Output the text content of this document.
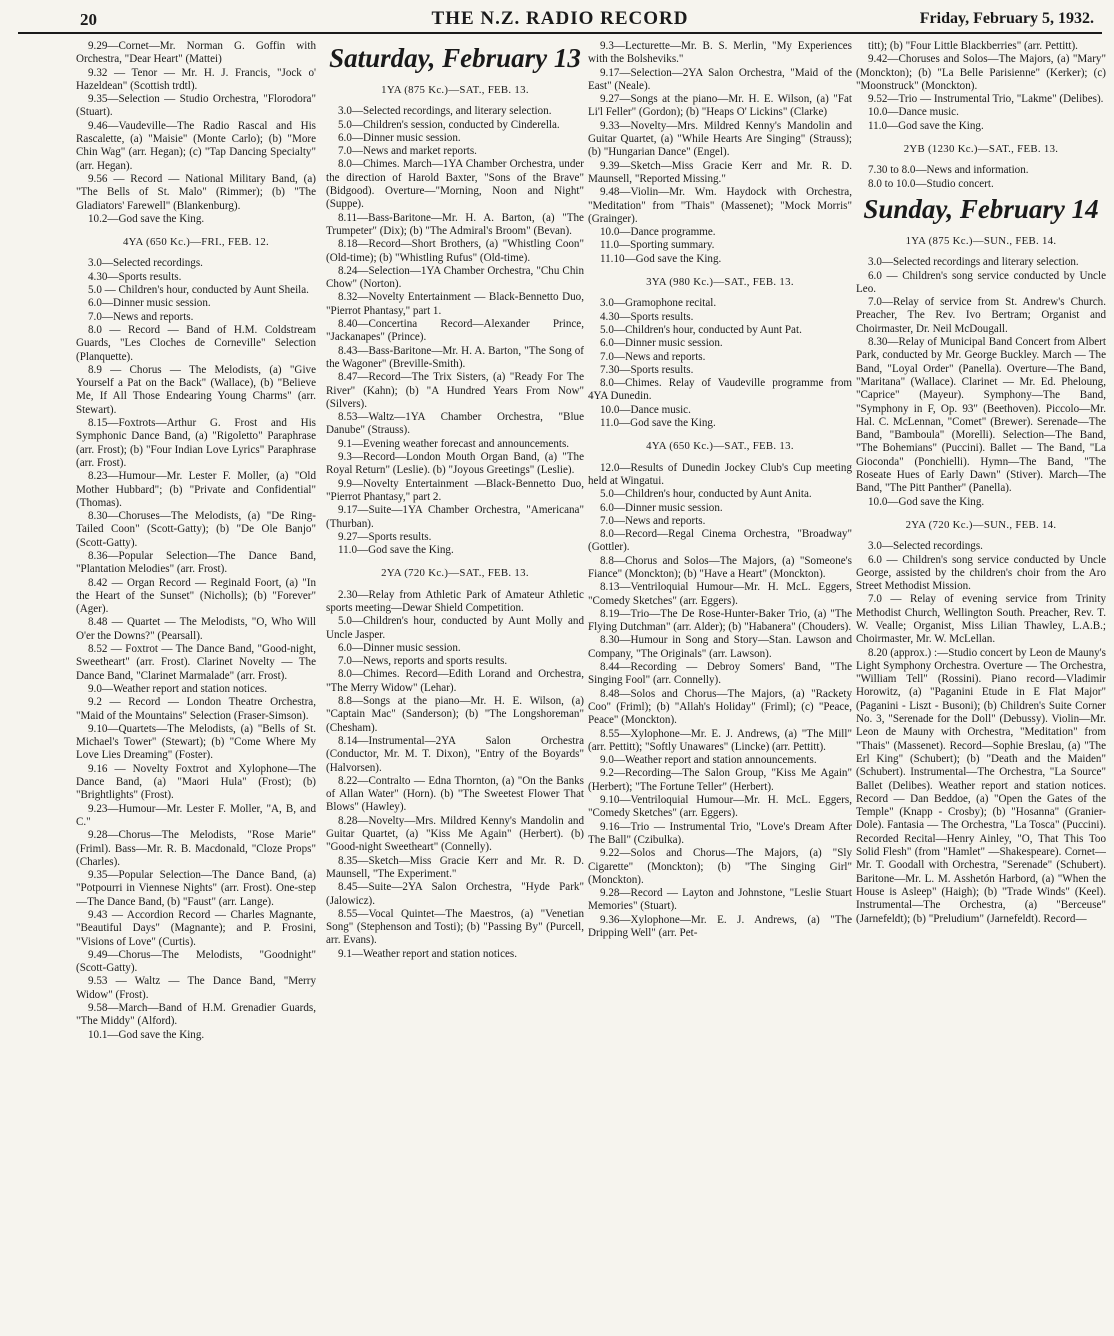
20	THE N.Z. RADIO RECORD	Friday, February 5, 1932.

9.29—Cornet—Mr. Norman G. Goffin with Orchestra, "Dear Heart" (Mattei)

9.32 — Tenor — Mr. H. J. Francis, "Jock o' Hazeldean" (Scottish trdtl).

9.35—Selection — Studio Orchestra, "Florodora" (Stuart).

9.46—Vaudeville—The Radio Rascal and His Rascalette, (a) "Maisie" (Monte Carlo); (b) "More Chin Wag" (arr. Hegan); (c) "Tap Dancing Specialty" (arr. Hegan).

9.56 — Record — National Military Band, (a) "The Bells of St. Malo" (Rimmer); (b) "The Gladiators' Farewell" (Blankenburg).

10.2—God save the King.

4YA (650 Kc.)—FRI., FEB. 12.

3.0—Selected recordings.

4.30—Sports results.

5.0 — Children's hour, conducted by Aunt Sheila.

6.0—Dinner music session.

7.0—News and reports.

8.0 — Record — Band of H.M. Coldstream Guards, "Les Cloches de Corneville" Selection (Planquette).

8.9 — Chorus — The Melodists, (a) "Give Yourself a Pat on the Back" (Wallace), (b) "Believe Me, If All Those Endearing Young Charms" (arr. Stewart).

8.15—Foxtrots—Arthur G. Frost and His Symphonic Dance Band, (a) "Rigoletto" Paraphrase (arr. Frost); (b) "Four Indian Love Lyrics" Paraphrase (arr. Frost).

8.23—Humour—Mr. Lester F. Moller, (a) "Old Mother Hubbard"; (b) "Private and Confidential" (Thomas).

8.30—Choruses—The Melodists, (a) "De Ring-Tailed Coon" (Scott-Gatty); (b) "De Ole Banjo" (Scott-Gatty).

8.36—Popular Selection—The Dance Band, "Plantation Melodies" (arr. Frost).

8.42 — Organ Record — Reginald Foort, (a) "In the Heart of the Sunset" (Nicholls); (b) "Forever" (Ager).

8.48 — Quartet — The Melodists, "O, Who Will O'er the Downs?" (Pearsall).

8.52 — Foxtrot — The Dance Band, "Good-night, Sweetheart" (arr. Frost). Clarinet Novelty — The Dance Band, "Clarinet Marmalade" (arr. Frost).

9.0—Weather report and station notices.

9.2 — Record — London Theatre Orchestra, "Maid of the Mountains" Selection (Fraser-Simson).

9.10—Quartets—The Melodists, (a) "Bells of St. Michael's Tower" (Stewart); (b) "Come Where My Love Lies Dreaming" (Foster).

9.16 — Novelty Foxtrot and Xylophone—The Dance Band, (a) "Maori Hula" (Frost); (b) "Brightlights" (Frost).

9.23—Humour—Mr. Lester F. Moller, "A, B, and C."

9.28—Chorus—The Melodists, "Rose Marie" (Friml). Bass—Mr. R. B. Macdonald, "Cloze Props" (Charles).

9.35—Popular Selection—The Dance Band, (a) "Potpourri in Viennese Nights" (arr. Frost). One-step—The Dance Band, (b) "Faust" (arr. Lange).

9.43 — Accordion Record — Charles Magnante, "Beautiful Days" (Magnante); and P. Frosini, "Visions of Love" (Curtis).

9.49—Chorus—The Melodists, "Goodnight" (Scott-Gatty).

9.53 — Waltz — The Dance Band, "Merry Widow" (Frost).

9.58—March—Band of H.M. Grenadier Guards, "The Middy" (Alford).

10.1—God save the King.

Saturday, February 13
1YA (875 Kc.)—SAT., FEB. 13.

3.0—Selected recordings, and literary selection.

5.0—Children's session, conducted by Cinderella.

6.0—Dinner music session.

7.0—News and market reports.

8.0—Chimes. March—1YA Chamber Orchestra, under the direction of Harold Baxter, "Sons of the Brave" (Bidgood). Overture—"Morning, Noon and Night" (Suppe).

8.11—Bass-Baritone—Mr. H. A. Barton, (a) "The Trumpeter" (Dix); (b) "The Admiral's Broom" (Bevan).

8.18—Record—Short Brothers, (a) "Whistling Coon" (Old-time); (b) "Whistling Rufus" (Old-time).

8.24—Selection—1YA Chamber Orchestra, "Chu Chin Chow" (Norton).

8.32—Novelty Entertainment — Black-Bennetto Duo, "Pierrot Phantasy," part 1.

8.40—Concertina Record—Alexander Prince, "Jackanapes" (Prince).

8.43—Bass-Baritone—Mr. H. A. Barton, "The Song of the Wagoner" (Breville-Smith).

8.47—Record—The Trix Sisters, (a) "Ready For The River" (Kahn); (b) "A Hundred Years From Now" (Silvers).

8.53—Waltz—1YA Chamber Orchestra, "Blue Danube" (Strauss).

9.1—Evening weather forecast and announcements.

9.3—Record—London Mouth Organ Band, (a) "The Royal Return" (Leslie). (b) "Joyous Greetings" (Leslie).

9.9—Novelty Entertainment —Black-Bennetto Duo, "Pierrot Phantasy," part 2.

9.17—Suite—1YA Chamber Orchestra, "Americana" (Thurban).

9.27—Sports results.

11.0—God save the King.

2YA (720 Kc.)—SAT., FEB. 13.

2.30—Relay from Athletic Park of Amateur Athletic sports meeting—Dewar Shield Competition.

5.0—Children's hour, conducted by Aunt Molly and Uncle Jasper.

6.0—Dinner music session.

7.0—News, reports and sports results.

8.0—Chimes. Record—Edith Lorand and Orchestra, "The Merry Widow" (Lehar).

8.8—Songs at the piano—Mr. H. E. Wilson, (a) "Captain Mac" (Sanderson); (b) "The Longshoreman" (Chesham).

8.14—Instrumental—2YA Salon Orchestra (Conductor, Mr. M. T. Dixon), "Entry of the Boyards" (Halvorsen).

8.22—Contralto — Edna Thornton, (a) "On the Banks of Allan Water" (Horn). (b) "The Sweetest Flower That Blows" (Hawley).

8.28—Novelty—Mrs. Mildred Kenny's Mandolin and Guitar Quartet, (a) "Kiss Me Again" (Herbert). (b) "Good-night Sweetheart" (Connelly).

8.35—Sketch—Miss Gracie Kerr and Mr. R. D. Maunsell, "The Experiment."

8.45—Suite—2YA Salon Orchestra, "Hyde Park" (Jalowicz).

8.55—Vocal Quintet—The Maestros, (a) "Venetian Song" (Stephenson and Tosti); (b) "Passing By" (Purcell, arr. Evans).

9.1—Weather report and station notices.

9.3—Lecturette—Mr. B. S. Merlin, "My Experiences with the Bolsheviks."

9.17—Selection—2YA Salon Orchestra, "Maid of the East" (Neale).

9.27—Songs at the piano—Mr. H. E. Wilson, (a) "Fat Li'l Feller" (Gordon); (b) "Heaps O' Lickins" (Clarke)

9.33—Novelty—Mrs. Mildred Kenny's Mandolin and Guitar Quartet, (a) "While Hearts Are Singing" (Strauss); (b) "Hungarian Dance" (Engel).

9.39—Sketch—Miss Gracie Kerr and Mr. R. D. Maunsell, "Reported Missing."

9.48—Violin—Mr. Wm. Haydock with Orchestra, "Meditation" from "Thais" (Massenet); "Mock Morris" (Grainger).

10.0—Dance programme.

11.0—Sporting summary.

11.10—God save the King.

3YA (980 Kc.)—SAT., FEB. 13.

3.0—Gramophone recital.

4.30—Sports results.

5.0—Children's hour, conducted by Aunt Pat.

6.0—Dinner music session.

7.0—News and reports.

7.30—Sports results.

8.0—Chimes. Relay of Vaudeville programme from 4YA Dunedin.

10.0—Dance music.

11.0—God save the King.

4YA (650 Kc.)—SAT., FEB. 13.

12.0—Results of Dunedin Jockey Club's Cup meeting held at Wingatui.

5.0—Children's hour, conducted by Aunt Anita.

6.0—Dinner music session.

7.0—News and reports.

8.0—Record—Regal Cinema Orchestra, "Broadway" (Gottler).

8.8—Chorus and Solos—The Majors, (a) "Someone's Fiance" (Monckton); (b) "Have a Heart" (Monckton).

8.13—Ventriloquial Humour—Mr. H. McL. Eggers, "Comedy Sketches" (arr. Eggers).

8.19—Trio—The De Rose-Hunter-Baker Trio, (a) "The Flying Dutchman" (arr. Alder); (b) "Habanera" (Chouders).

8.30—Humour in Song and Story—Stan. Lawson and Company, "The Originals" (arr. Lawson).

8.44—Recording — Debroy Somers' Band, "The Singing Fool" (arr. Connelly).

8.48—Solos and Chorus—The Majors, (a) "Rackety Coo" (Friml); (b) "Allah's Holiday" (Friml); (c) "Peace, Peace" (Monckton).

8.55—Xylophone—Mr. E. J. Andrews, (a) "The Mill" (arr. Pettitt); "Softly Unawares" (Lincke) (arr. Pettitt).

9.0—Weather report and station announcements.

9.2—Recording—The Salon Group, "Kiss Me Again" (Herbert); "The Fortune Teller" (Herbert).

9.10—Ventriloquial Humour—Mr. H. McL. Eggers, "Comedy Sketches" (arr. Eggers).

9.16—Trio — Instrumental Trio, "Love's Dream After The Ball" (Czibulka).

9.22—Solos and Chorus—The Majors, (a) "Sly Cigarette" (Monckton); (b) "The Singing Girl" (Monckton).

9.28—Record — Layton and Johnstone, "Leslie Stuart Memories" (Stuart).

9.36—Xylophone—Mr. E. J. Andrews, (a) "The Dripping Well" (arr. Pet-

titt); (b) "Four Little Blackberries" (arr. Pettitt).

9.42—Choruses and Solos—The Majors, (a) "Mary" (Monckton); (b) "La Belle Parisienne" (Kerker); (c) "Moonstruck" (Monckton).

9.52—Trio — Instrumental Trio, "Lakme" (Delibes).

10.0—Dance music.

11.0—God save the King.

2YB (1230 Kc.)—SAT., FEB. 13.

7.30 to 8.0—News and information.

8.0 to 10.0—Studio concert.

Sunday, February 14
1YA (875 Kc.)—SUN., FEB. 14.

3.0—Selected recordings and literary selection.

6.0 — Children's song service conducted by Uncle Leo.

7.0—Relay of service from St. Andrew's Church. Preacher, The Rev. Ivo Bertram; Organist and Choirmaster, Dr. Neil McDougall.

8.30—Relay of Municipal Band Concert from Albert Park, conducted by Mr. George Buckley. March — The Band, "Loyal Order" (Panella). Overture—The Band, "Maritana" (Wallace). Clarinet — Mr. Ed. Pheloung, "Caprice" (Mayeur). Symphony—The Band, "Symphony in F, Op. 93" (Beethoven). Piccolo—Mr. Hal. C. McLennan, "Comet" (Brewer). Serenade—The Band, "Bamboula" (Morelli). Selection—The Band, "The Bohemians" (Puccini). Ballet — The Band, "La Gioconda" (Ponchielli). Hymn—The Band, "The Roseate Hues of Early Dawn" (Stiver). March—The Band, "The Pitt Panther" (Panella).

10.0—God save the King.

2YA (720 Kc.)—SUN., FEB. 14.

3.0—Selected recordings.

6.0 — Children's song service conducted by Uncle George, assisted by the children's choir from the Aro Street Methodist Mission.

7.0 — Relay of evening service from Trinity Methodist Church, Wellington South. Preacher, Rev. T. W. Vealle; Organist, Miss Lilian Thawley, L.A.B.; Choirmaster, Mr. W. McLellan.

8.20 (approx.) :—Studio concert by Leon de Mauny's Light Symphony Orchestra. Overture — The Orchestra, "William Tell" (Rossini). Piano record—Vladimir Horowitz, (a) "Paganini Etude in E Flat Major" (Paganini - Liszt - Busoni); (b) Children's Suite Corner No. 3, "Serenade for the Doll" (Debussy). Violin—Mr. Leon de Mauny with Orchestra, "Meditation" from "Thais" (Massenet). Record—Sophie Breslau, (a) "The Erl King" (Schubert); (b) "Death and the Maiden" (Schubert). Instrumental—The Orchestra, "La Source" Ballet (Delibes). Weather report and station notices. Record — Dan Beddoe, (a) "Open the Gates of the Temple" (Knapp - Crosby); (b) "Hosanna" (Granier-Dole). Fantasia — The Orchestra, "La Tosca" (Puccini). Recorded Recital—Henry Ainley, "O, That This Too Solid Flesh" (from "Hamlet" —Shakespeare). Cornet—Mr. T. Goodall with Orchestra, "Serenade" (Schubert). Baritone—Mr. L. M. Asshetón Harbord, (a) "When the House is Asleep" (Haigh); (b) "Trade Winds" (Keel). Instrumental—The Orchestra, (a) "Berceuse" (Jarnefeldt); (b) "Preludium" (Jarnefeldt). Record—
